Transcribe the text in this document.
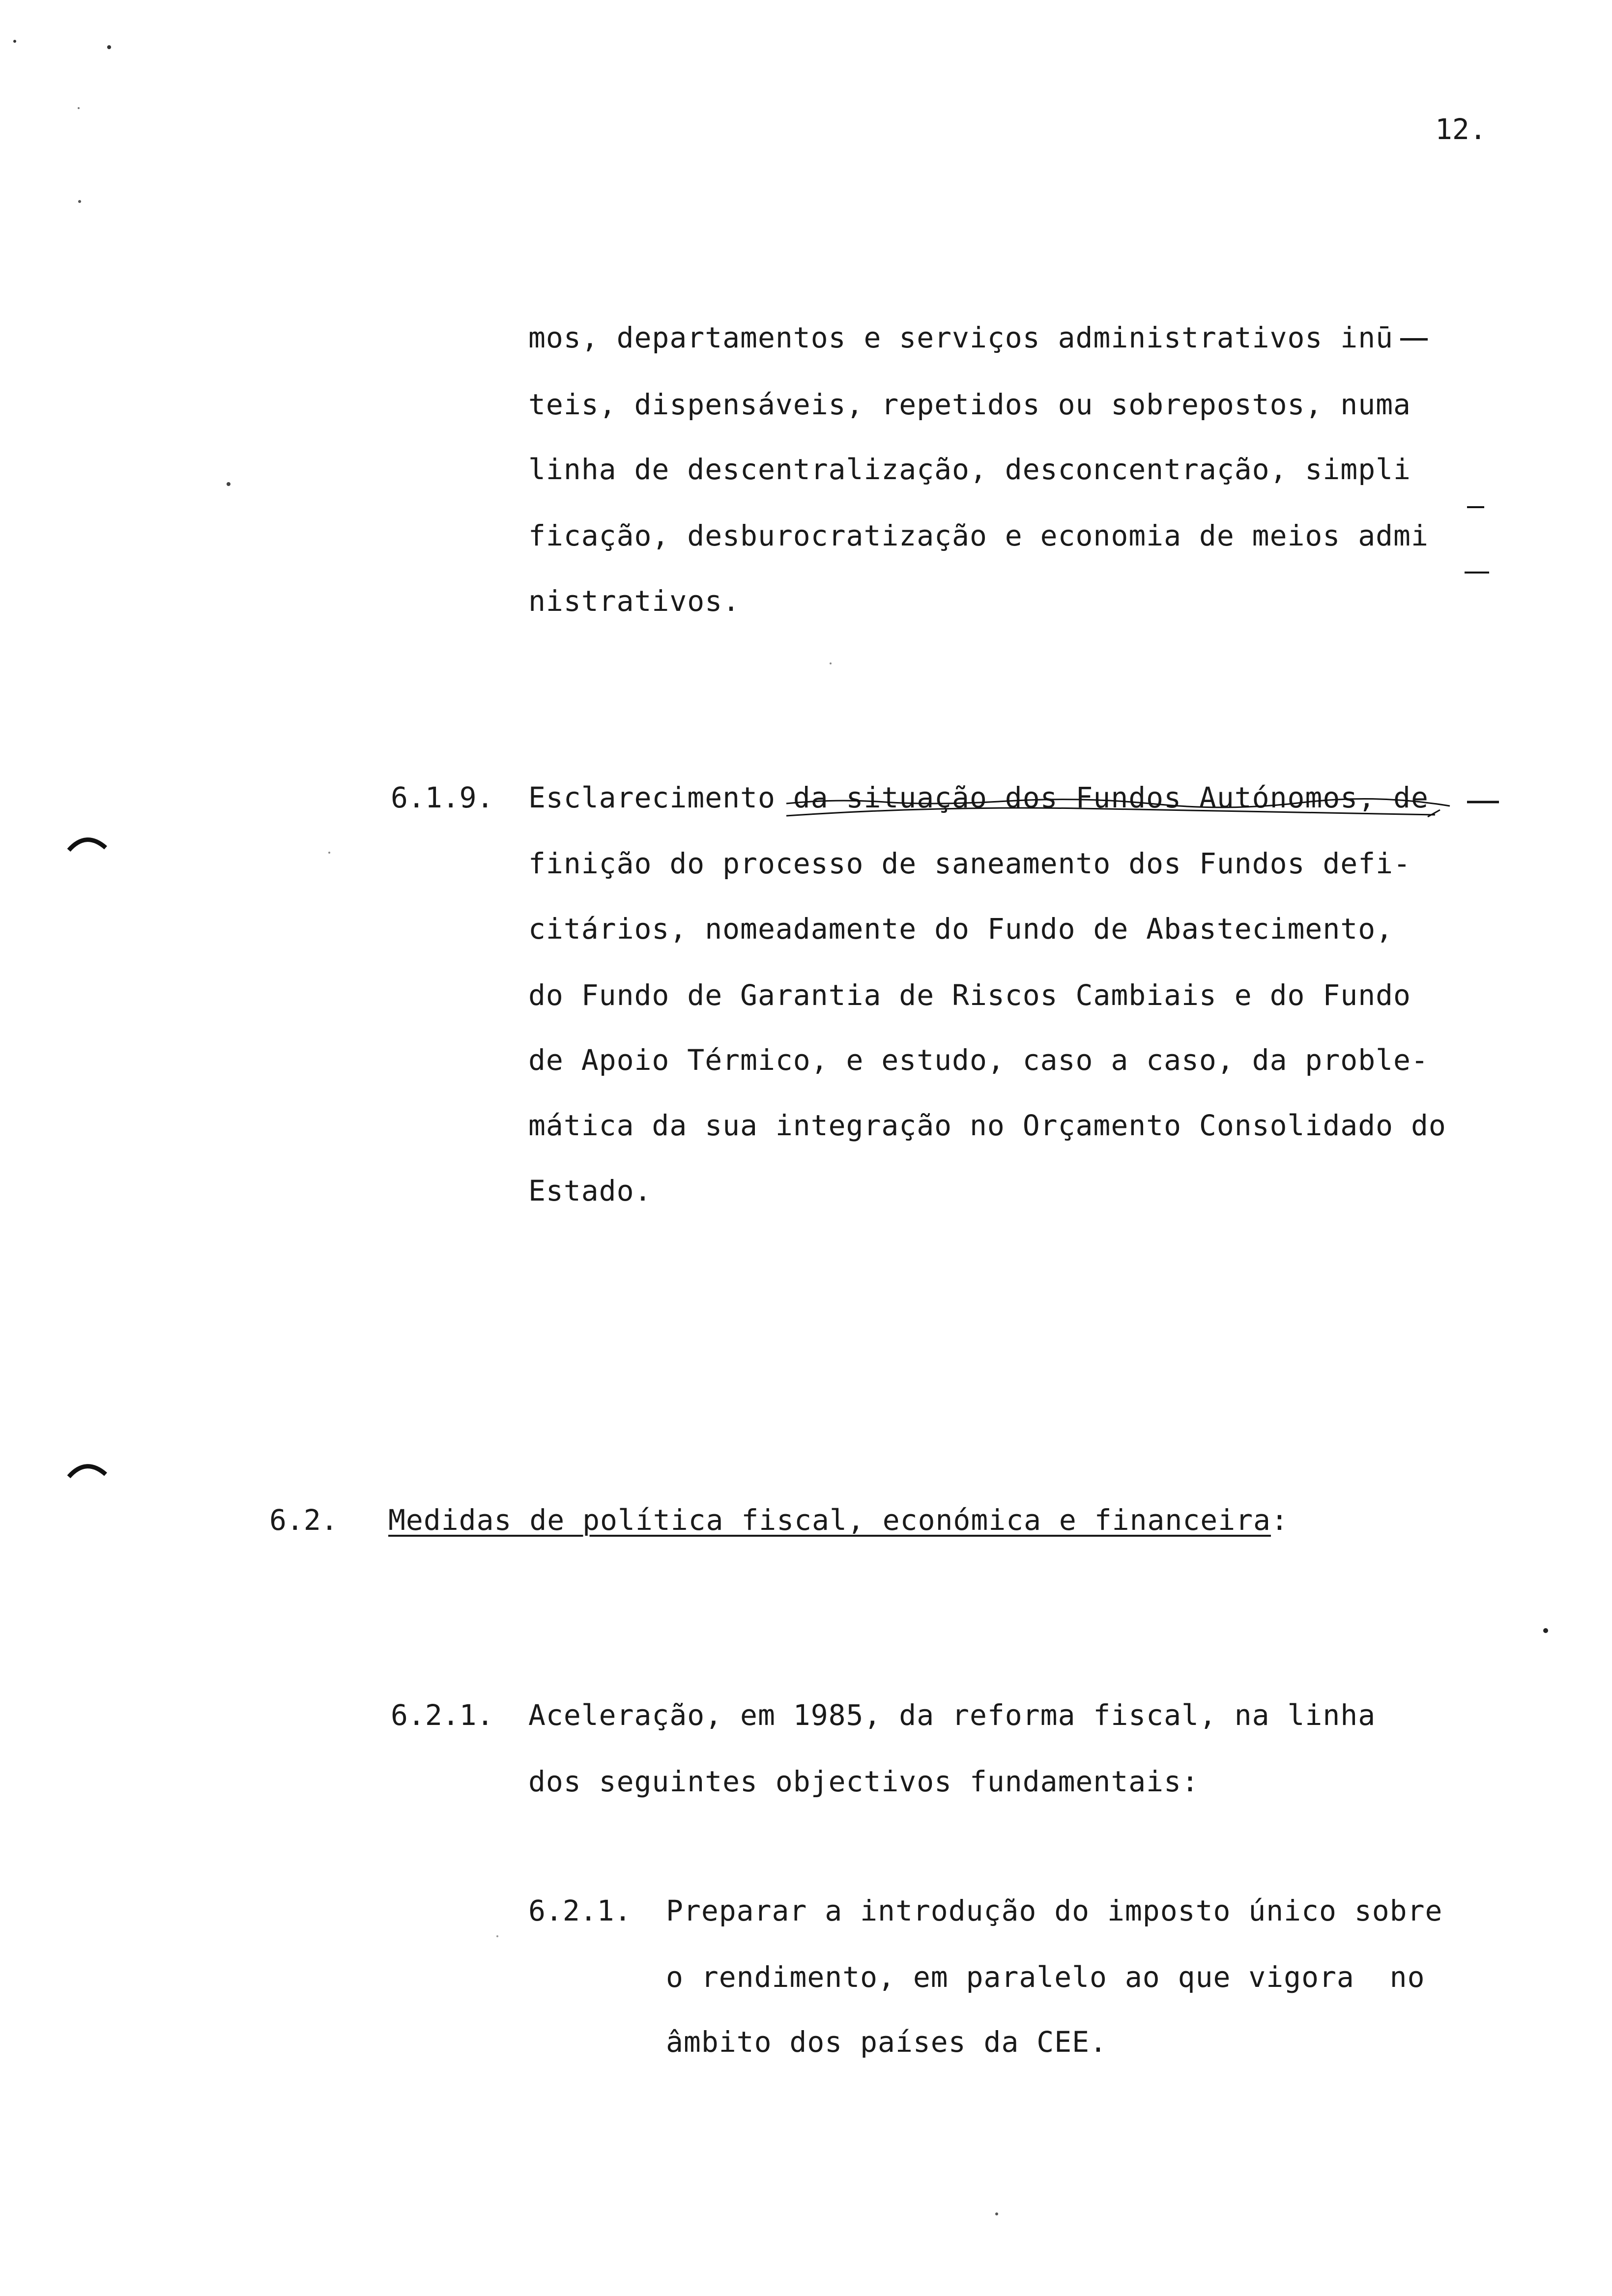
12.
mos, departamentos e serviços administrativos inū
teis, dispensáveis, repetidos ou sobrepostos, numa
linha de descentralização, desconcentração, simpli
ficação, desburocratização e economia de meios admi
nistrativos.
6.1.9. Esclarecimento da situação dos Fundos Autónomos, de
finição do processo de saneamento dos Fundos defi-
citários, nomeadamente do Fundo de Abastecimento,
do Fundo de Garantia de Riscos Cambiais e do Fundo
de Apoio Térmico, e estudo, caso a caso, da proble-
mática da sua integração no Orçamento Consolidado do
Estado.
6.2. Medidas de política fiscal, económica e financeira:
6.2.1. Aceleração, em 1985, da reforma fiscal, na linha
dos seguintes objectivos fundamentais:
6.2.1. Preparar a introdução do imposto único sobre
o rendimento, em paralelo ao que vigora  no
âmbito dos países da CEE.
